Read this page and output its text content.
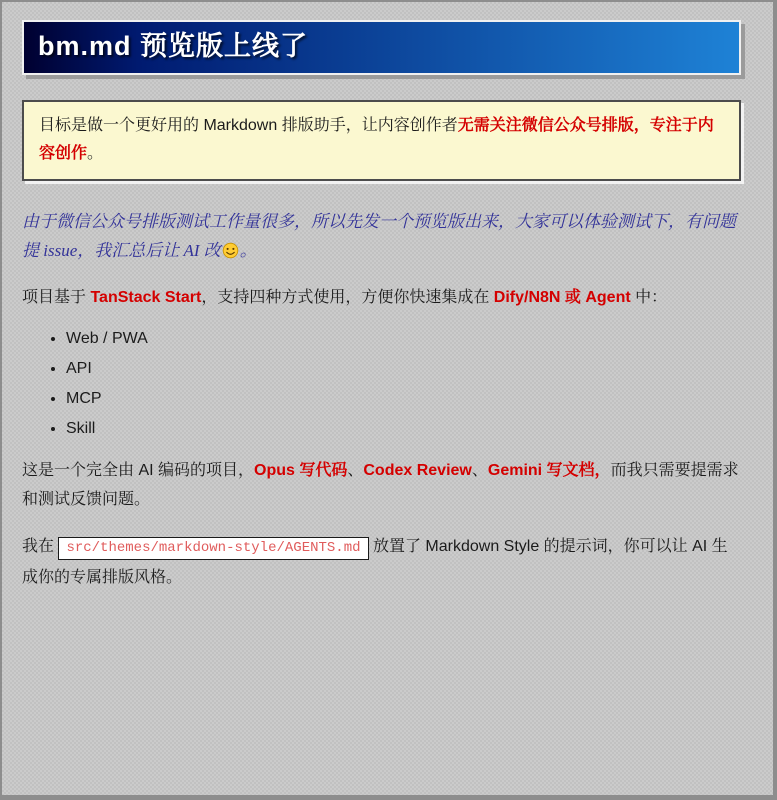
bm.md 预览版上线了
目标是做一个更好用的 Markdown 排版助手，让内容创作者无需关注微信公众号排版，专注于内容创作。

由于微信公众号排版测试工作量很多，所以先发一个预览版出来，大家可以体验测试下，有问题提 issue，我汇总后让 AI 改 。

项目基于 TanStack Start，支持四种方式使用，方便你快速集成在 Dify/N8N 或 Agent 中：

• Web / PWA
• API
• MCP
• Skill

这是一个完全由 AI 编码的项目，Opus 写代码、Codex Review、Gemini 写文档，而我只需要提需求和测试反馈问题。

我在 src/themes/markdown-style/AGENTS.md 放置了 Markdown Style 的提示词，你可以让 AI 生成你的专属排版风格。
